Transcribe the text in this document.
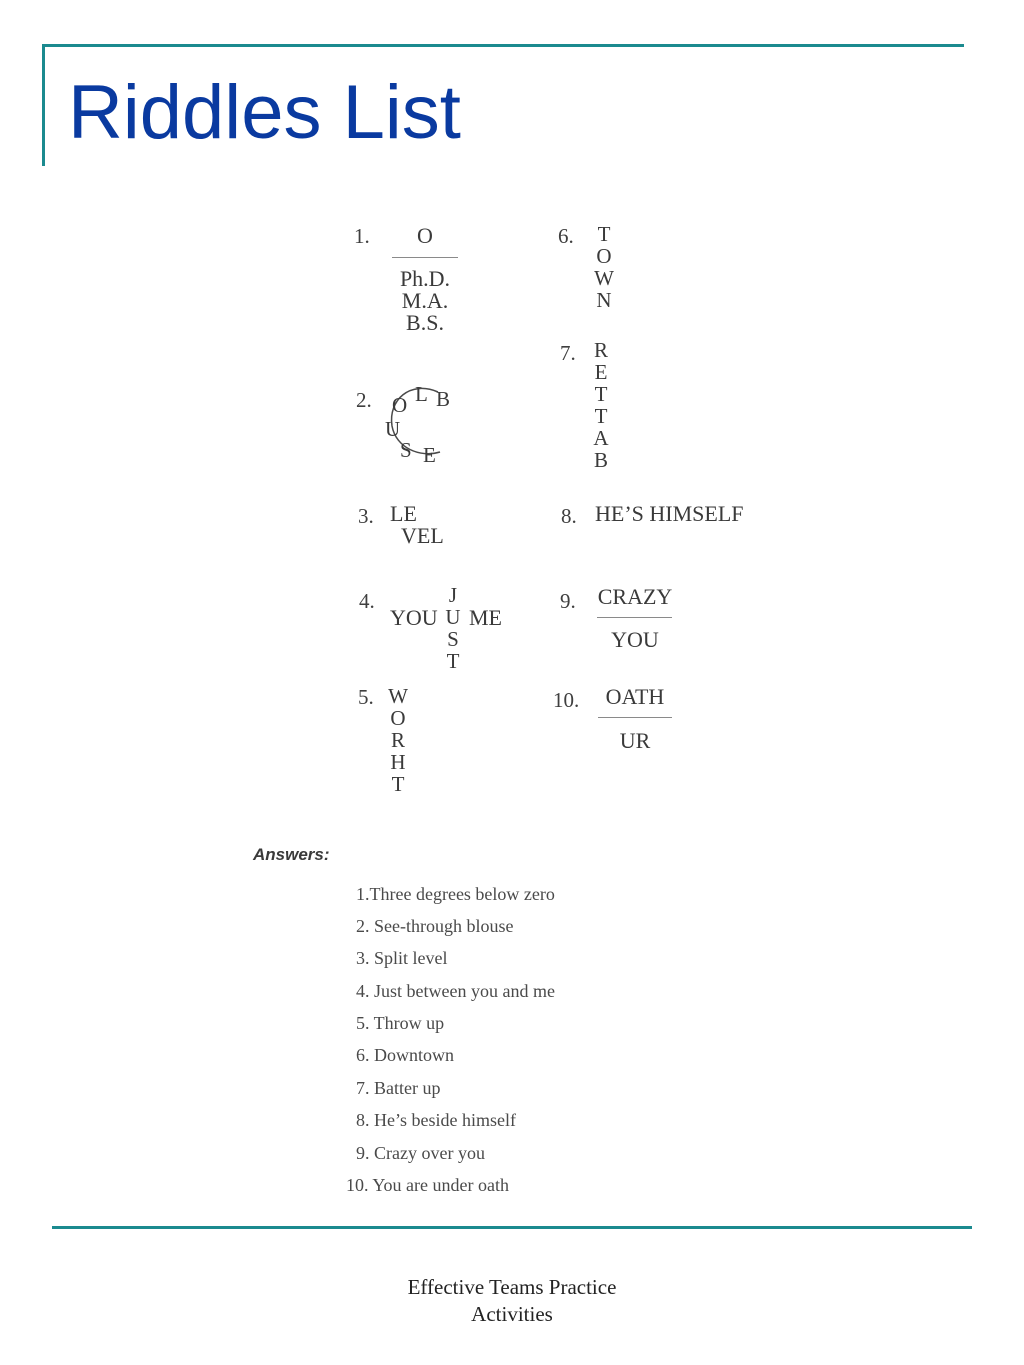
Riddles List
1.	O
Ph.D.
M.A.
B.S.
2. O L B
U
S E
3. LE
VEL
4.
YOU ME
J
U
S
T
5. W
O
R
H
T
6. T
O
W
N
7. R
E
T
T
A
B
8. HE’S HIMSELF
9. CRAZY
YOU
10.	OATH
UR
Answers:
1.Three degrees below zero
2. See-through blouse
3. Split level
4. Just between you and me
5. Throw up
6. Downtown
7. Batter up
8. He’s beside himself
9. Crazy over you
10. You are under oath
Effective Teams Practice
Activities
